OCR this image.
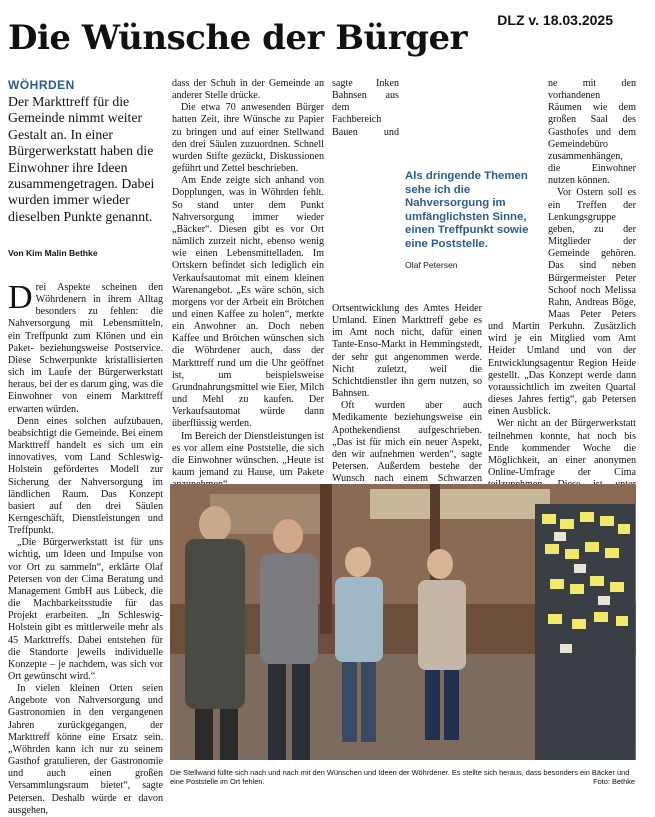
DLZ v. 18.03.2025
Die Wünsche der Bürger
WÖHRDEN
Der Markttreff für die Gemeinde nimmt weiter Gestalt an. In einer Bürgerwerkstatt haben die Einwohner ihre Ideen zusammengetragen. Dabei wurden immer wieder dieselben Punkte genannt.
Von Kim Malin Bethke

Drei Aspekte scheinen den Wöhrdenern in ihrem Alltag besonders zu fehlen: die Nahversorgung mit Lebensmitteln, ein Treffpunkt zum Klönen und ein Paket- beziehungsweise Postservice. Diese Schwerpunkte kristallisierten sich im Laufe der Bürgerwerkstatt heraus, bei der es darum ging, was die Einwohner von einem Markttreff erwarten würden.

Denn eines solchen aufzubauen, beabsichtigt die Gemeinde. Bei einem Markttreff handelt es sich um ein innovatives, vom Land Schleswig-Holstein gefördertes Modell zur Sicherung der Nahversorgung im ländlichen Raum. Das Konzept basiert auf den drei Säulen Kerngeschäft, Dienstleistungen und Treffpunkt.

„Die Bürgerwerkstatt ist für uns wichtig, um Ideen und Impulse von vor Ort zu sammeln“, erklärte Olaf Petersen von der Cima Beratung und Management GmbH aus Lübeck, die die Machbarkeitsstudie für das Projekt erarbeiten. „In Schleswig-Holstein gibt es mittlerweile mehr als 45 Markttreffs. Dabei entstehen für die Standorte jeweils individuelle Konzepte – je nachdem, was sich vor Ort gewünscht wird.“

In vielen kleinen Orten seien Angebote von Nahversorgung und Gastronomien in den vergangenen Jahren zurückgegangen, der Markttreff könne eine Ersatz sein. „Wöhrden kann ich nur zu seinem Gasthof gratulieren, der Gastronomie und auch einen großen Versammlungsraum bietet“, sagte Petersen. Deshalb würde er davon ausgehen,

dass der Schuh in der Gemeinde an anderer Stelle drücke.

Die etwa 70 anwesenden Bürger hatten Zeit, ihre Wünsche zu Papier zu bringen und auf einer Stellwand den drei Säulen zuzuordnen. Schnell wurden Stifte gezückt, Diskussionen geführt und Zettel beschrieben.

Am Ende zeigte sich anhand von Dopplungen, was in Wöhrden fehlt. So stand unter dem Punkt Nahversorgung immer wieder „Bäcker“. Diesen gibt es vor Ort nämlich zurzeit nicht, ebenso wenig wie einen Lebensmittelladen. Im Ortskern befindet sich lediglich ein Verkaufsautomat mit einem kleinen Warenangebot. „Es wäre schön, sich morgens vor der Arbeit ein Brötchen und einen Kaffee zu holen“, merkte ein Anwohner an. Doch neben Kaffee und Brötchen wünschen sich die Wöhrdener auch, dass der Markttreff rund um die Uhr geöffnet ist, um beispielsweise Grundnahrungsmittel wie Eier, Milch und Mehl zu kaufen. Der Verkaufsautomat würde dann überflüssig werden.

Im Bereich der Dienstleistungen ist es vor allem eine Poststelle, die sich die Einwohner wünschen. „Heute ist kaum jemand zu Hause, um Pakete

sagte Inken Bahnsen aus dem Fachbereich Bauen und Ortsentwicklung des Amtes Heider Umland. Einen Markttreff gebe es im Amt noch nicht, dafür einen Tante-Enso-Markt in Hemmingstedt, der sehr gut angenommen werde. Nicht zuletzt, weil die Schichtdienstler ihn gern nutzen, so Bahnsen.

Oft wurden aber auch Medikamente beziehungsweise ein Apothekendienst aufgeschrieben. „Das ist für mich ein neuer Aspekt, den wir aufnehmen werden“, sagte Petersen. Außerdem bestehe der Wunsch nach einem Schwarzen

ne mit den vorhandenen Räumen wie dem großen Saal des Gasthofes und dem Gemeindebüro zusammenhängen, die Einwohner nutzen können.

Vor Ostern soll es ein Treffen der Lenkungsgruppe geben, zu der Mitglieder der Gemeinde gehören. Das sind neben Bürgermeister Peter Schoof noch Melissa Rahn, Andreas Böge, Maas Peter Peters und Martin Perkuhn. Zusätzlich wird je ein Mitglied vom Amt Heider Umland und von der Entwicklungsagentur Region Heide gestellt. „Das Konzept werde dann voraussichtlich im zweiten Quartal dieses Jahres fertig“, gab Petersen einen Ausblick.

Wer nicht an der Bürgerwerkstatt teilnehmen konnte, hat noch bis Ende kommender Woche die Möglichkeit, an einer anonymen Online-Umfrage der Cima

Als dringende Themen sehe ich die Nahversorgung im umfänglichsten Sinne, einen Treffpunkt sowie eine Poststelle.

Olaf Petersen
Die Stellwand füllte sich nach und nach mit den Wünschen und Ideen der Wöhrdener. Es stellte sich heraus, dass besonders ein Bäcker und eine Poststelle im Ort fehlen.	Foto: Bethke
